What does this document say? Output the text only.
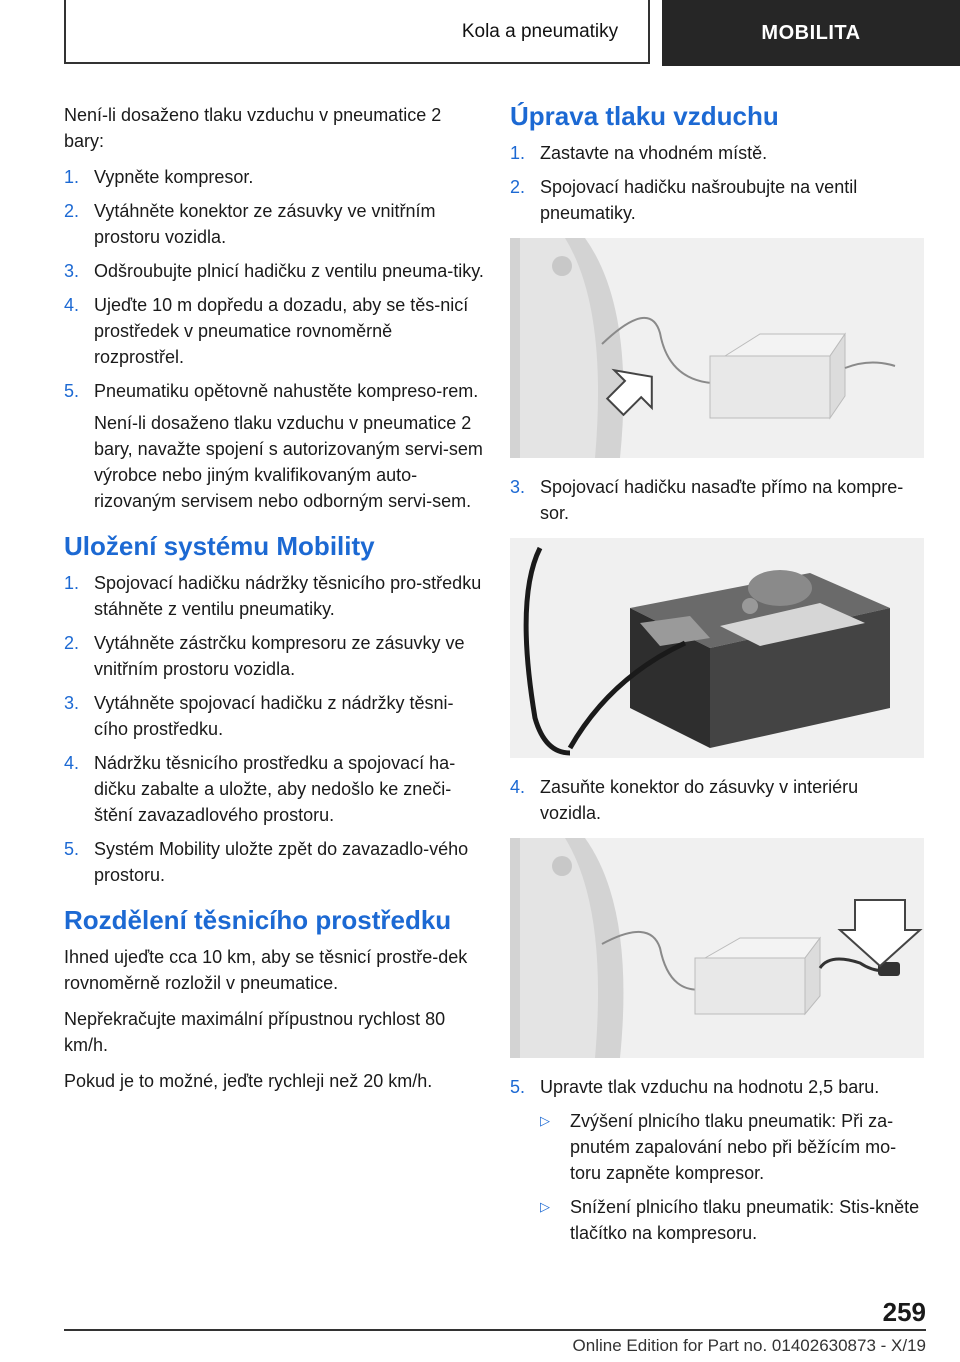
Kola a pneumatiky	MOBILITA

Není-li dosaženo tlaku vzduchu v pneumatice 2 bary:

1. Vypněte kompresor.
2. Vytáhněte konektor ze zásuvky ve vnitřním prostoru vozidla.
3. Odšroubujte plnicí hadičku z ventilu pneuma-tiky.
4. Ujeďte 10 m dopředu a dozadu, aby se těs-nicí prostředek v pneumatice rovnoměrně rozprostřel.
5. Pneumatiku opětovně nahustěte kompreso-rem.
Není-li dosaženo tlaku vzduchu v pneumatice 2 bary, navažte spojení s autorizovaným servi-sem výrobce nebo jiným kvalifikovaným auto-rizovaným servisem nebo odborným servi-sem.
Uložení systému Mobility
1. Spojovací hadičku nádržky těsnicího pro-středku stáhněte z ventilu pneumatiky.
2. Vytáhněte zástrčku kompresoru ze zásuvky ve vnitřním prostoru vozidla.
3. Vytáhněte spojovací hadičku z nádržky těsni-cího prostředku.
4. Nádržku těsnicího prostředku a spojovací ha-dičku zabalte a uložte, aby nedošlo ke zneči-štění zavazadlového prostoru.
5. Systém Mobility uložte zpět do zavazadlo-vého prostoru.
Rozdělení těsnicího prostředku

Ihned ujeďte cca 10 km, aby se těsnicí prostře-dek rovnoměrně rozložil v pneumatice.

Nepřekračujte maximální přípustnou rychlost 80 km/h.

Pokud je to možné, jeďte rychleji než 20 km/h.

Úprava tlaku vzduchu
1. Zastavte na vhodném místě.
2. Spojovací hadičku našroubujte na ventil pneumatiky.
3. Spojovací hadičku nasaďte přímo na kompre-sor.
4. Zasuňte konektor do zásuvky v interiéru vozidla.
5. Upravte tlak vzduchu na hodnotu 2,5 baru.
▷ Zvýšení plnicího tlaku pneumatik: Při za-pnutém zapalování nebo při běžícím mo-toru zapněte kompresor.
▷ Snížení plnicího tlaku pneumatik: Stis-kněte tlačítko na kompresoru.
259
Online Edition for Part no. 01402630873 - X/19
